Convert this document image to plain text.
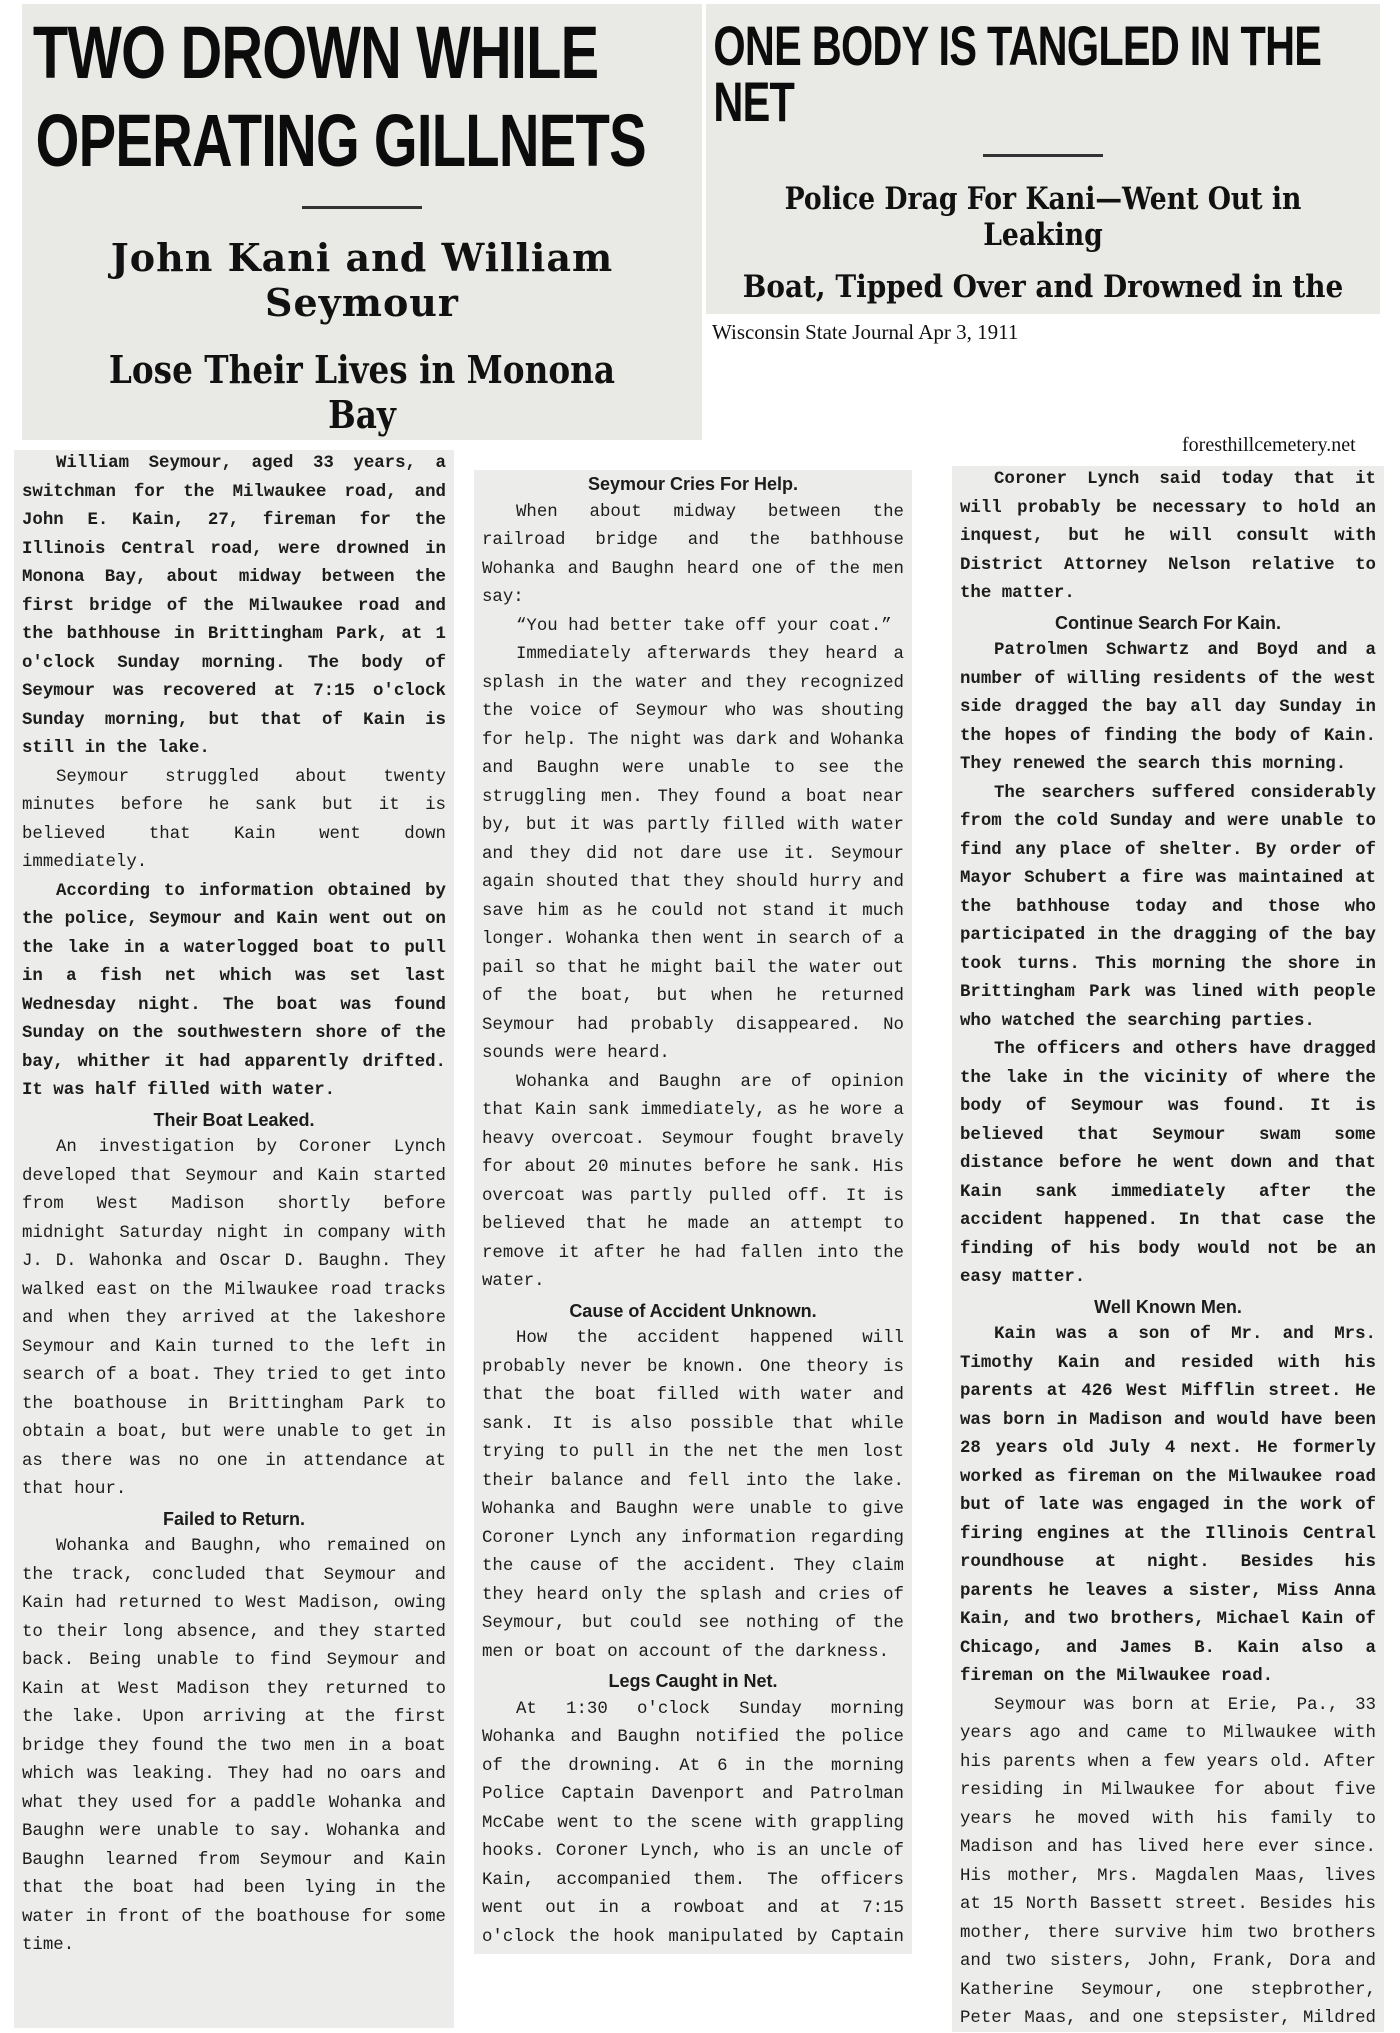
TWO DROWN WHILE

OPERATING GILLNETS

John Kani and William Seymour

Lose Their Lives in Monona Bay

ONE BODY IS TANGLED IN THE NET

Police Drag For Kani—Went Out in Leaking

Boat, Tipped Over and Drowned in the

Wisconsin State Journal Apr 3, 1911
foresthillcemetery.net

William Seymour, aged 33 years, a switchman for the Milwaukee road, and John E. Kain, 27, fireman for the Illinois Central road, were drowned in Monona Bay, about midway between the first bridge of the Milwaukee road and the bathhouse in Brittingham Park, at 1 o'clock Sunday morning. The body of Seymour was recovered at 7:15 o'clock Sunday morning, but that of Kain is still in the lake.

Seymour struggled about twenty minutes before he sank but it is believed that Kain went down immediately.

According to information obtained by the police, Seymour and Kain went out on the lake in a waterlogged boat to pull in a fish net which was set last Wednesday night. The boat was found Sunday on the southwestern shore of the bay, whither it had apparently drifted. It was half filled with water.

Their Boat Leaked.

An investigation by Coroner Lynch developed that Seymour and Kain started from West Madison shortly before midnight Saturday night in company with J. D. Wahonka and Oscar D. Baughn. They walked east on the Milwaukee road tracks and when they arrived at the lakeshore Seymour and Kain turned to the left in search of a boat. They tried to get into the boathouse in Brittingham Park to obtain a boat, but were unable to get in as there was no one in attendance at that hour.

Failed to Return.

Wohanka and Baughn, who remained on the track, concluded that Seymour and Kain had returned to West Madison, owing to their long absence, and they started back. Being unable to find Seymour and Kain at West Madison they returned to the lake. Upon arriving at the first bridge they found the two men in a boat which was leaking. They had no oars and what they used for a paddle Wohanka and Baughn were unable to say. Wohanka and Baughn learned from Seymour and Kain that the boat had been lying in the water in front of the boathouse for some time.

Seymour Cries For Help.

When about midway between the railroad bridge and the bathhouse Wohanka and Baughn heard one of the men say:

“You had better take off your coat.”

Immediately afterwards they heard a splash in the water and they recognized the voice of Seymour who was shouting for help. The night was dark and Wohanka and Baughn were unable to see the struggling men. They found a boat near by, but it was partly filled with water and they did not dare use it. Seymour again shouted that they should hurry and save him as he could not stand it much longer. Wohanka then went in search of a pail so that he might bail the water out of the boat, but when he returned Seymour had probably disappeared. No sounds were heard.

Wohanka and Baughn are of opinion that Kain sank immediately, as he wore a heavy overcoat. Seymour fought bravely for about 20 minutes before he sank. His overcoat was partly pulled off. It is believed that he made an attempt to remove it after he had fallen into the water.

Cause of Accident Unknown.

How the accident happened will probably never be known. One theory is that the boat filled with water and sank. It is also possible that while trying to pull in the net the men lost their balance and fell into the lake. Wohanka and Baughn were unable to give Coroner Lynch any information regarding the cause of the accident. They claim they heard only the splash and cries of Seymour, but could see nothing of the men or boat on account of the darkness.

Legs Caught in Net.

At 1:30 o'clock Sunday morning Wohanka and Baughn notified the police of the drowning. At 6 in the morning Police Captain Davenport and Patrolman McCabe went to the scene with grappling hooks. Coroner Lynch, who is an uncle of Kain, accompanied them. The officers went out in a rowboat and at 7:15 o'clock the hook manipulated by Captain

Coroner Lynch said today that it will probably be necessary to hold an inquest, but he will consult with District Attorney Nelson relative to the matter.

Continue Search For Kain.

Patrolmen Schwartz and Boyd and a number of willing residents of the west side dragged the bay all day Sunday in the hopes of finding the body of Kain. They renewed the search this morning.

The searchers suffered considerably from the cold Sunday and were unable to find any place of shelter. By order of Mayor Schubert a fire was maintained at the bathhouse today and those who participated in the dragging of the bay took turns. This morning the shore in Brittingham Park was lined with people who watched the searching parties.

The officers and others have dragged the lake in the vicinity of where the body of Seymour was found. It is believed that Seymour swam some distance before he went down and that Kain sank immediately after the accident happened. In that case the finding of his body would not be an easy matter.

Well Known Men.

Kain was a son of Mr. and Mrs. Timothy Kain and resided with his parents at 426 West Mifflin street. He was born in Madison and would have been 28 years old July 4 next. He formerly worked as fireman on the Milwaukee road but of late was engaged in the work of firing engines at the Illinois Central roundhouse at night. Besides his parents he leaves a sister, Miss Anna Kain, and two brothers, Michael Kain of Chicago, and James B. Kain also a fireman on the Milwaukee road.

Seymour was born at Erie, Pa., 33 years ago and came to Milwaukee with his parents when a few years old. After residing in Milwaukee for about five years he moved with his family to Madison and has lived here ever since. His mother, Mrs. Magdalen Maas, lives at 15 North Bassett street. Besides his mother, there survive him two brothers and two sisters, John, Frank, Dora and Katherine Seymour, one stepbrother, Peter Maas, and one stepsister, Mildred
